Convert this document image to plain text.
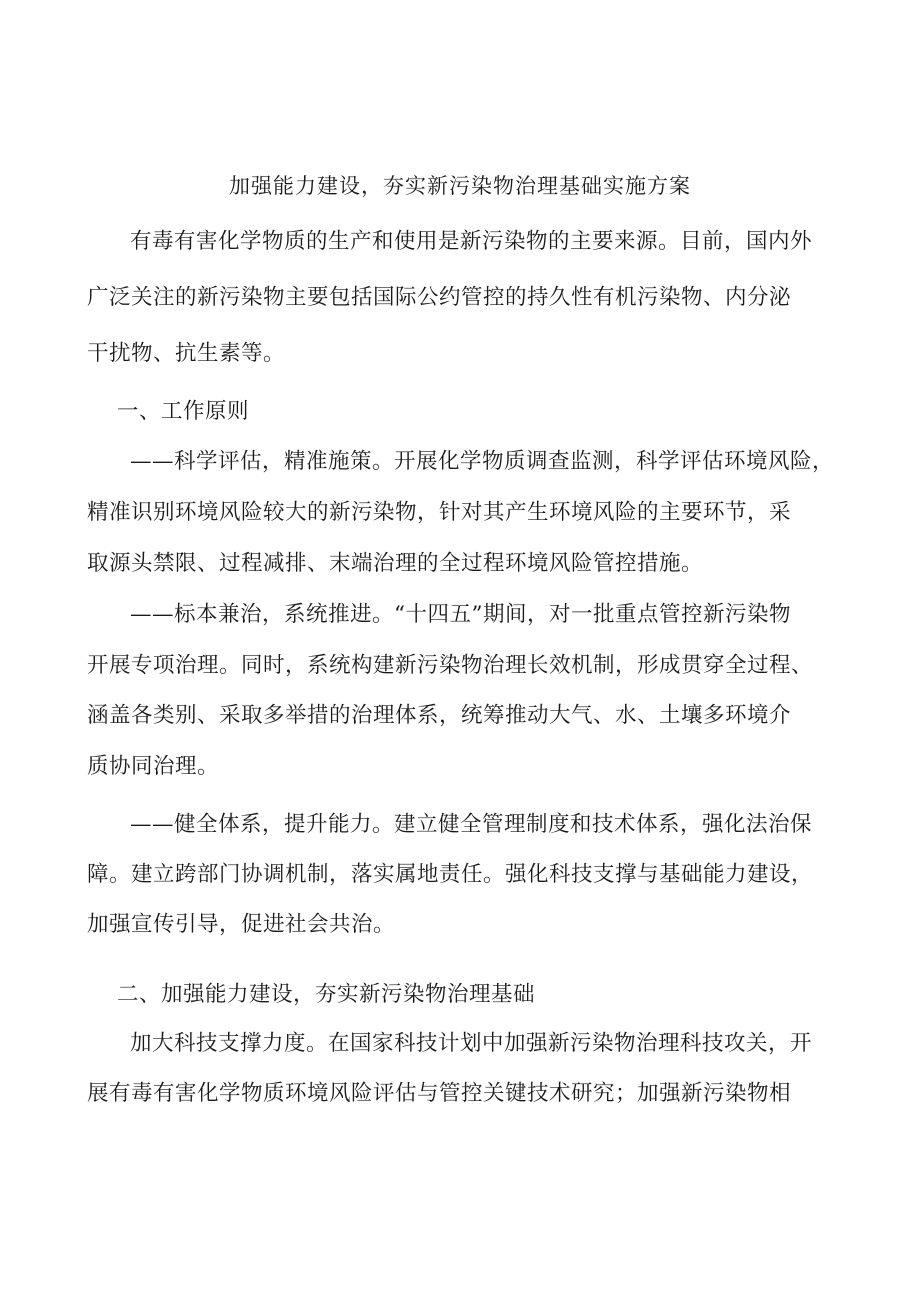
加强能力建设，夯实新污染物治理基础实施方案
有毒有害化学物质的生产和使用是新污染物的主要来源。目前，国内外
广泛关注的新污染物主要包括国际公约管控的持久性有机污染物、内分泌
干扰物、抗生素等。
一、工作原则
——科学评估，精准施策。开展化学物质调查监测，科学评估环境风险，
精准识别环境风险较大的新污染物，针对其产生环境风险的主要环节，采
取源头禁限、过程减排、末端治理的全过程环境风险管控措施。
——标本兼治，系统推进。“十四五”期间，对一批重点管控新污染物
开展专项治理。同时，系统构建新污染物治理长效机制，形成贯穿全过程、
涵盖各类别、采取多举措的治理体系，统筹推动大气、水、土壤多环境介
质协同治理。
——健全体系，提升能力。建立健全管理制度和技术体系，强化法治保
障。建立跨部门协调机制，落实属地责任。强化科技支撑与基础能力建设，
加强宣传引导，促进社会共治。
二、加强能力建设，夯实新污染物治理基础
加大科技支撑力度。在国家科技计划中加强新污染物治理科技攻关，开
展有毒有害化学物质环境风险评估与管控关键技术研究；加强新污染物相
